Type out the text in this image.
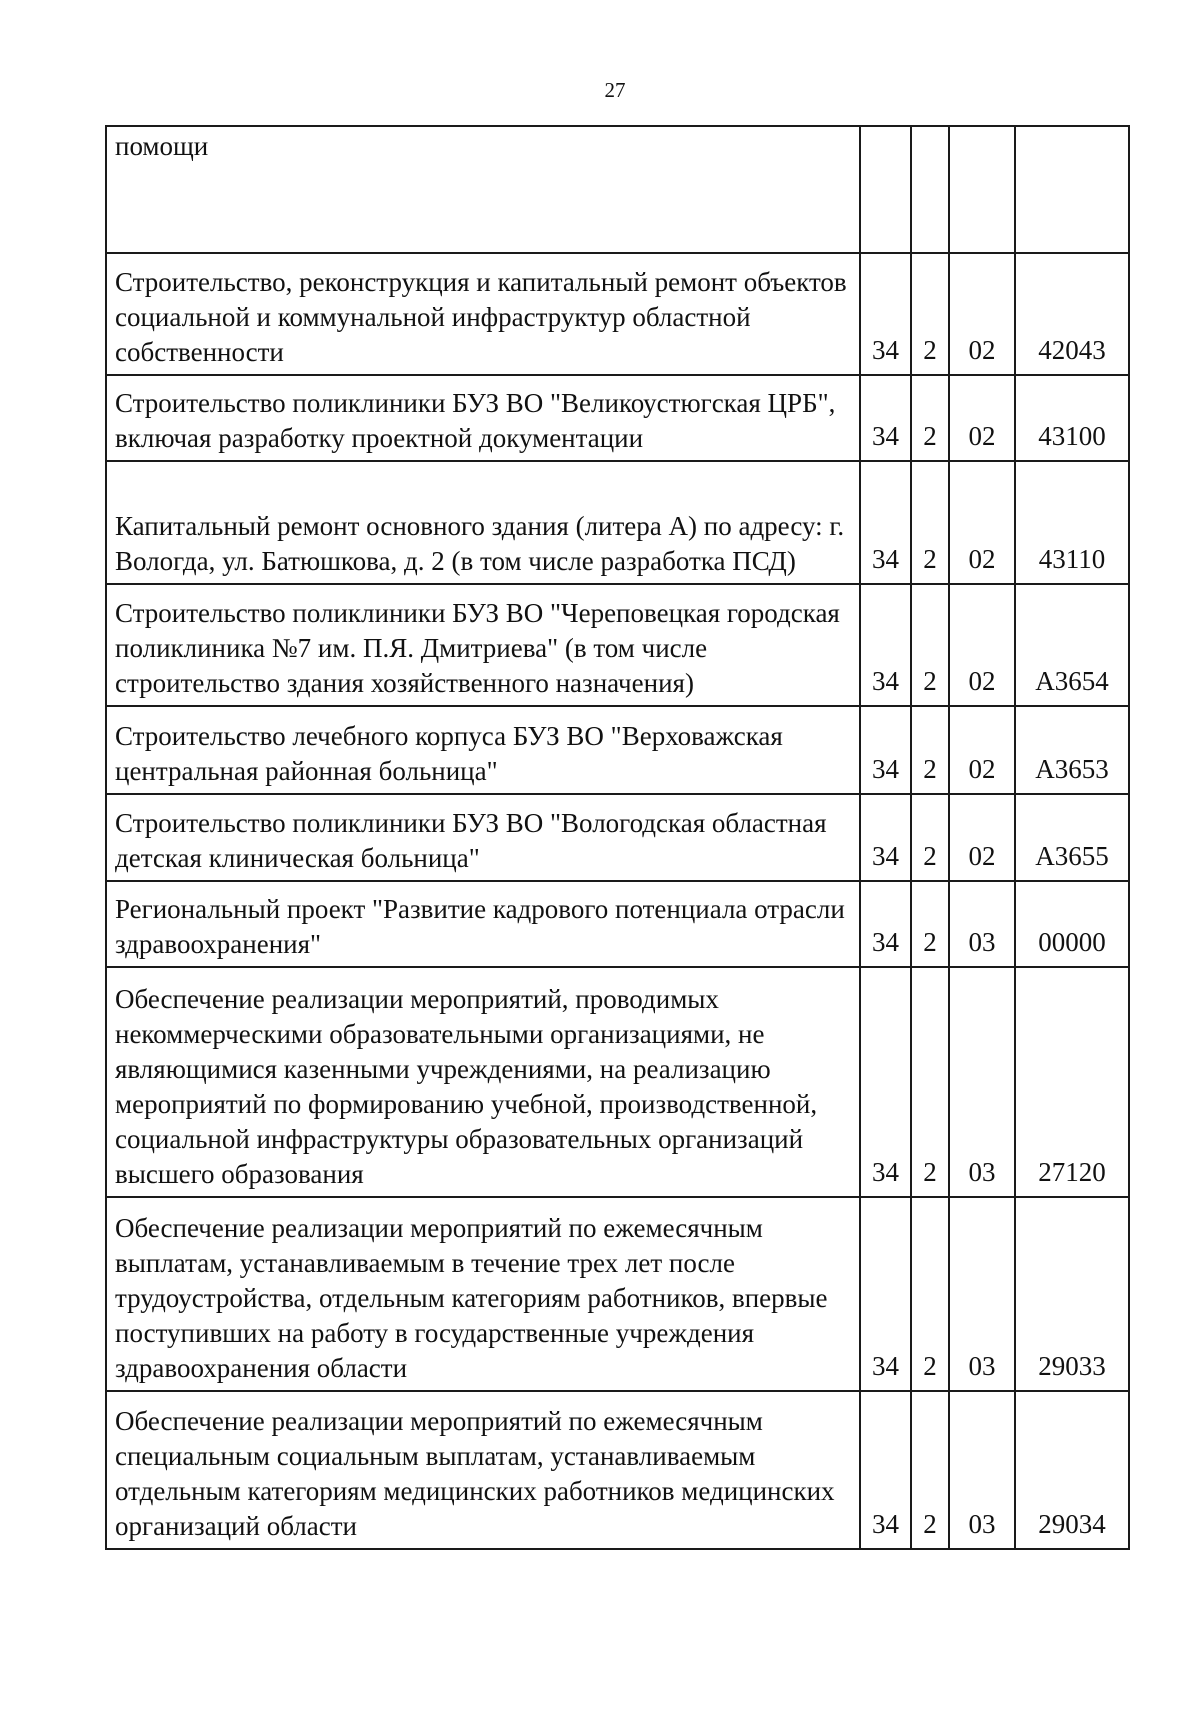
27
помощи				
Строительство, реконструкция и капитальный ремонт объектов социальной и коммунальной инфраструктур областной собственности	34	2	02	42043
Строительство поликлиники БУЗ ВО "Великоустюгская ЦРБ", включая разработку проектной документации	34	2	02	43100
Капитальный ремонт основного здания (литера А) по адресу: г. Вологда, ул. Батюшкова, д. 2 (в том числе разработка ПСД)	34	2	02	43110
Строительство поликлиники БУЗ ВО "Череповецкая городская поликлиника №7 им. П.Я. Дмитриева" (в том числе строительство здания хозяйственного назначения)	34	2	02	А3654
Строительство лечебного корпуса БУЗ ВО "Верховажская центральная районная больница"	34	2	02	А3653
Строительство поликлиники БУЗ ВО "Вологодская областная детская клиническая больница"	34	2	02	А3655
Региональный проект "Развитие кадрового потенциала отрасли здравоохранения"	34	2	03	00000
Обеспечение реализации мероприятий, проводимых некоммерческими образовательными организациями, не являющимися казенными учреждениями, на реализацию мероприятий по формированию учебной, производственной, социальной инфраструктуры образовательных организаций высшего образования	34	2	03	27120
Обеспечение реализации мероприятий по ежемесячным выплатам, устанавливаемым в течение трех лет после трудоустройства, отдельным категориям работников, впервые поступивших на работу в государственные учреждения здравоохранения области	34	2	03	29033
Обеспечение реализации мероприятий по ежемесячным специальным социальным выплатам, устанавливаемым отдельным категориям медицинских работников медицинских организаций области	34	2	03	29034
